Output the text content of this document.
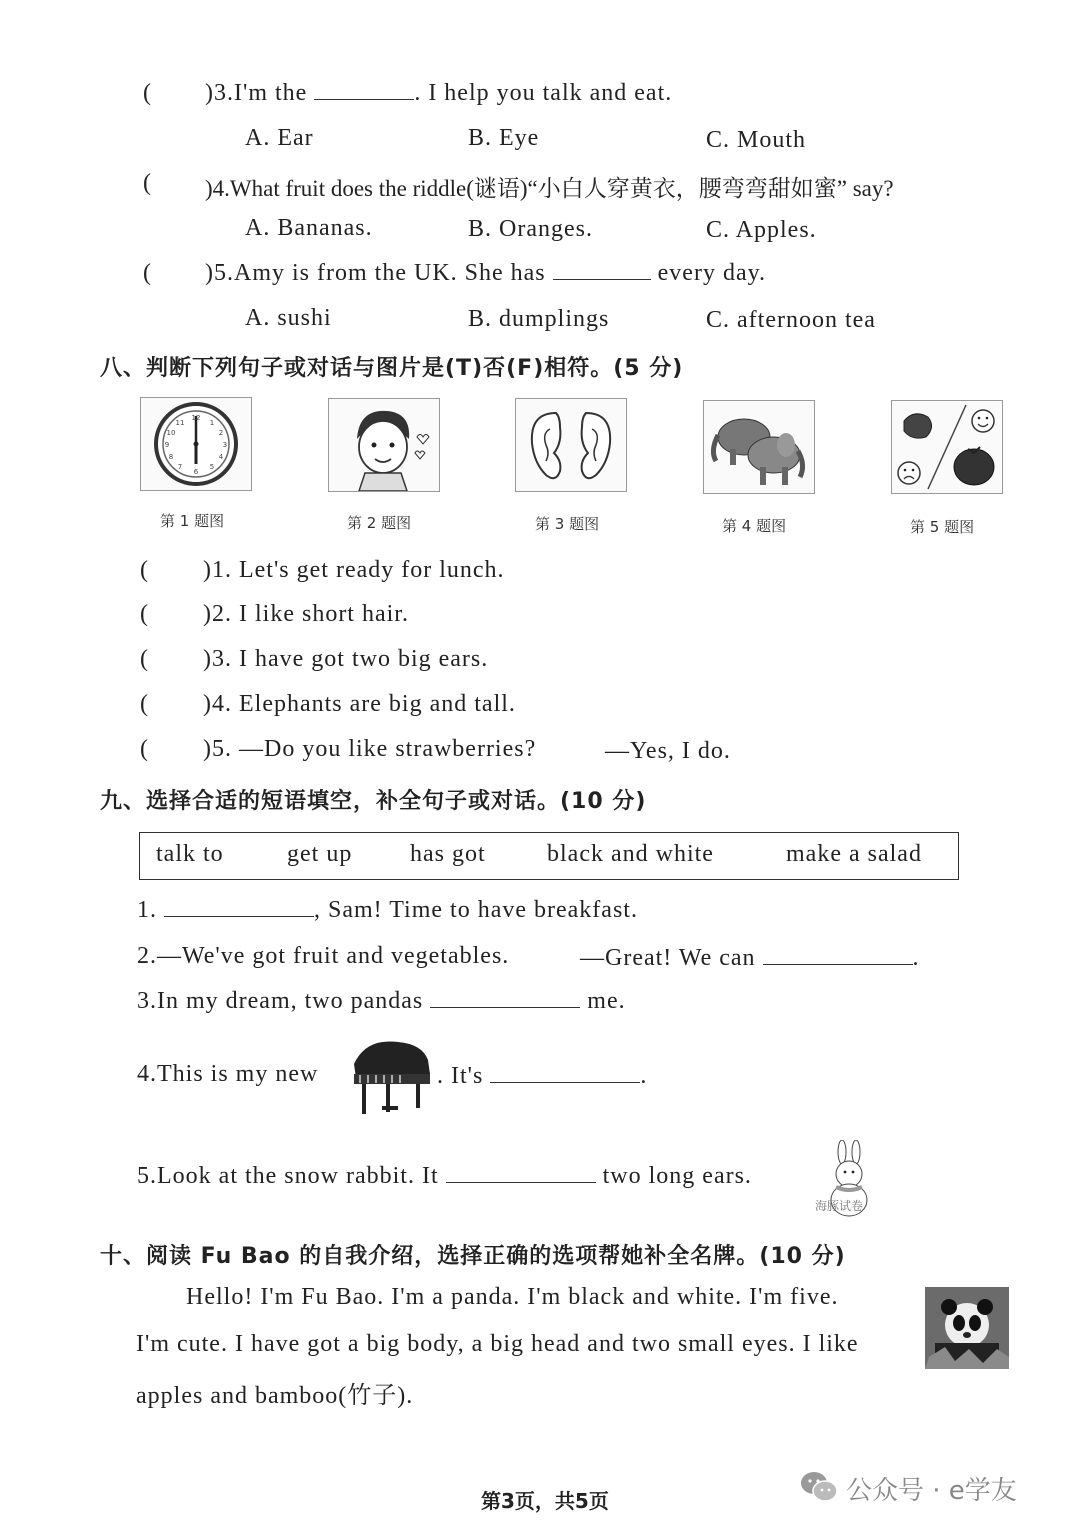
( )3.I'm the	. I help you talk and eat.
A. Ear	B. Eye	C. Mouth
( )4.What fruit does the riddle(谜语)“小白人穿黄衣，腰弯弯甜如蜜” say?
A. Bananas.	B. Oranges.	C. Apples.
( )5.Amy is from the UK. She has	every day.
A. sushi	B. dumplings	C. afternoon tea
八、判断下列句子或对话与图片是(T)否(F)相符。(5 分)
12
1
2
3
4
5
6
7
8
9
10
11
第 1 题图	第 2 题图	第 3 题图	第 4 题图	第 5 题图
( )1. Let's get ready for lunch.
( )2. I like short hair.
( )3. I have got two big ears.
( )4. Elephants are big and tall.
( )5. —Do you like strawberries?	—Yes, I do.
九、选择合适的短语填空，补全句子或对话。(10 分)
talk to	get up has got	black and white	make a salad
1.	, Sam! Time to have breakfast.
2.—We've got fruit and vegetables.	—Great! We can	.
3.In my dream, two pandas	me.
4.This is my new	. It's	.
5.Look at the snow rabbit. It	two long ears.
海豚试卷
十、阅读 Fu Bao 的自我介绍，选择正确的选项帮她补全名牌。(10 分)
Hello! I'm Fu Bao. I'm a panda. I'm black and white. I'm five.
I'm cute. I have got a big body, a big head and two small eyes. I like
apples and bamboo(竹子).
第3页，共5页	公众号 · e学友
